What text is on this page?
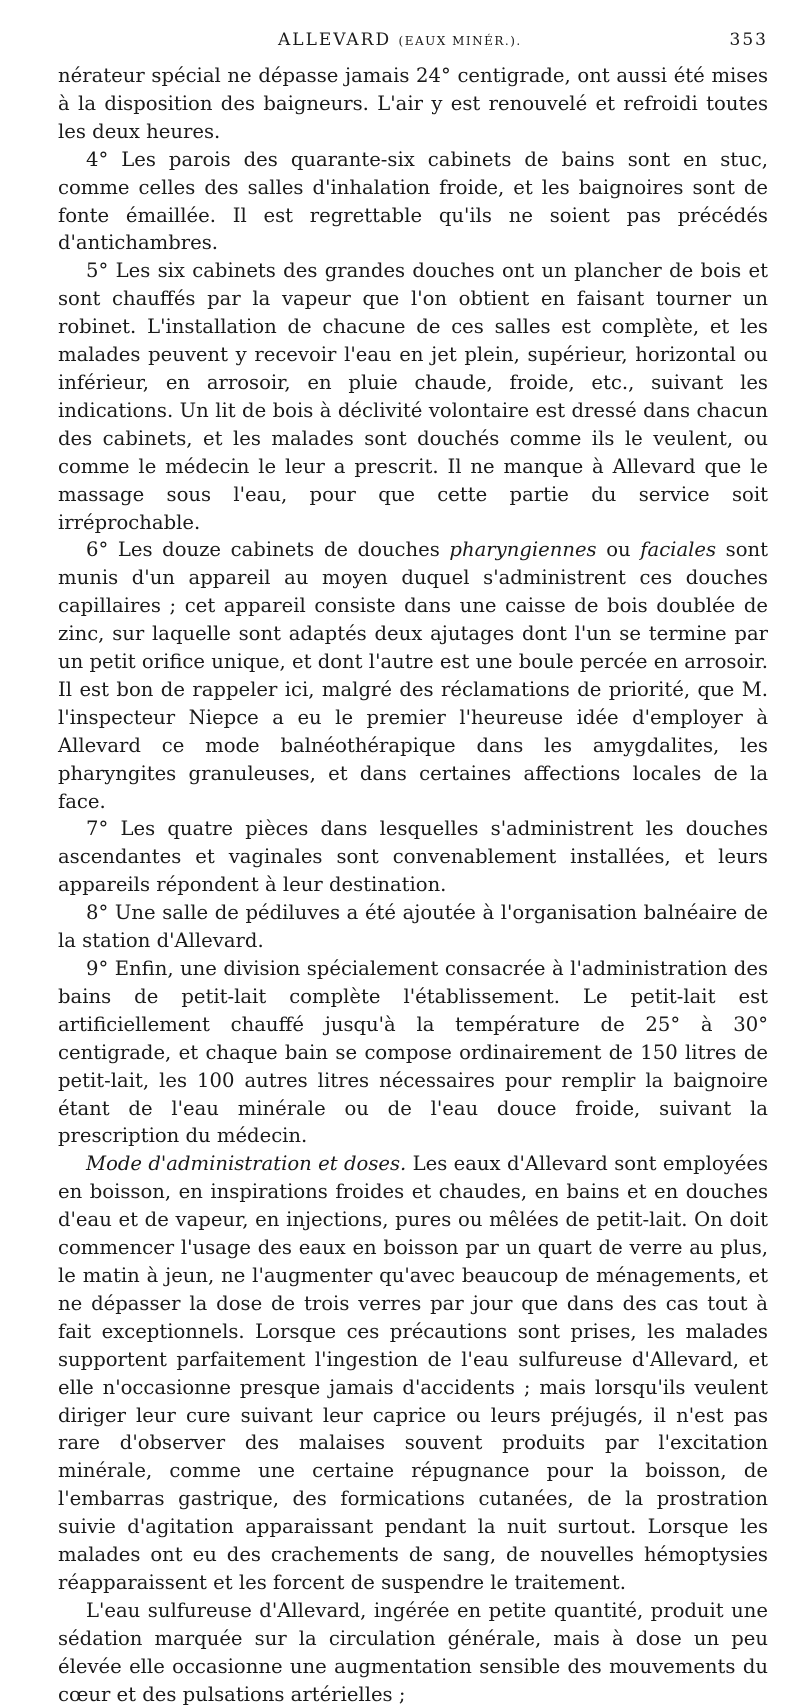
ALLEVARD (EAUX MINÉR.).	353

nérateur spécial ne dépasse jamais 24° centigrade, ont aussi été mises à la disposition des baigneurs. L'air y est renouvelé et refroidi toutes les deux heures.

4° Les parois des quarante-six cabinets de bains sont en stuc, comme celles des salles d'inhalation froide, et les baignoires sont de fonte émaillée. Il est regrettable qu'ils ne soient pas précédés d'antichambres.

5° Les six cabinets des grandes douches ont un plancher de bois et sont chauffés par la vapeur que l'on obtient en faisant tourner un robinet. L'installation de chacune de ces salles est complète, et les malades peuvent y recevoir l'eau en jet plein, supérieur, horizontal ou inférieur, en arrosoir, en pluie chaude, froide, etc., suivant les indications. Un lit de bois à déclivité volontaire est dressé dans chacun des cabinets, et les malades sont douchés comme ils le veulent, ou comme le médecin le leur a prescrit. Il ne manque à Allevard que le massage sous l'eau, pour que cette partie du service soit irréprochable.

6° Les douze cabinets de douches pharyngiennes ou faciales sont munis d'un appareil au moyen duquel s'administrent ces douches capillaires ; cet appareil consiste dans une caisse de bois doublée de zinc, sur laquelle sont adaptés deux ajutages dont l'un se termine par un petit orifice unique, et dont l'autre est une boule percée en arrosoir. Il est bon de rappeler ici, malgré des réclamations de priorité, que M. l'inspecteur Niepce a eu le premier l'heureuse idée d'employer à Allevard ce mode balnéothérapique dans les amygdalites, les pharyngites granuleuses, et dans certaines affections locales de la face.

7° Les quatre pièces dans lesquelles s'administrent les douches ascendantes et vaginales sont convenablement installées, et leurs appareils répondent à leur destination.

8° Une salle de pédiluves a été ajoutée à l'organisation balnéaire de la station d'Allevard.

9° Enfin, une division spécialement consacrée à l'administration des bains de petit-lait complète l'établissement. Le petit-lait est artificiellement chauffé jusqu'à la température de 25° à 30° centigrade, et chaque bain se compose ordinairement de 150 litres de petit-lait, les 100 autres litres nécessaires pour remplir la baignoire étant de l'eau minérale ou de l'eau douce froide, suivant la prescription du médecin.

Mode d'administration et doses. Les eaux d'Allevard sont employées en boisson, en inspirations froides et chaudes, en bains et en douches d'eau et de vapeur, en injections, pures ou mêlées de petit-lait. On doit commencer l'usage des eaux en boisson par un quart de verre au plus, le matin à jeun, ne l'augmenter qu'avec beaucoup de ménagements, et ne dépasser la dose de trois verres par jour que dans des cas tout à fait exceptionnels. Lorsque ces précautions sont prises, les malades supportent parfaitement l'ingestion de l'eau sulfureuse d'Allevard, et elle n'occasionne presque jamais d'accidents ; mais lorsqu'ils veulent diriger leur cure suivant leur caprice ou leurs préjugés, il n'est pas rare d'observer des malaises souvent produits par l'excitation minérale, comme une certaine répugnance pour la boisson, de l'embarras gastrique, des formications cutanées, de la prostration suivie d'agitation apparaissant pendant la nuit surtout. Lorsque les malades ont eu des crachements de sang, de nouvelles hémoptysies réapparaissent et les forcent de suspendre le traitement.

L'eau sulfureuse d'Allevard, ingérée en petite quantité, produit une sédation marquée sur la circulation générale, mais à dose un peu élevée elle occasionne une augmentation sensible des mouvements du cœur et des pulsations artérielles ;
